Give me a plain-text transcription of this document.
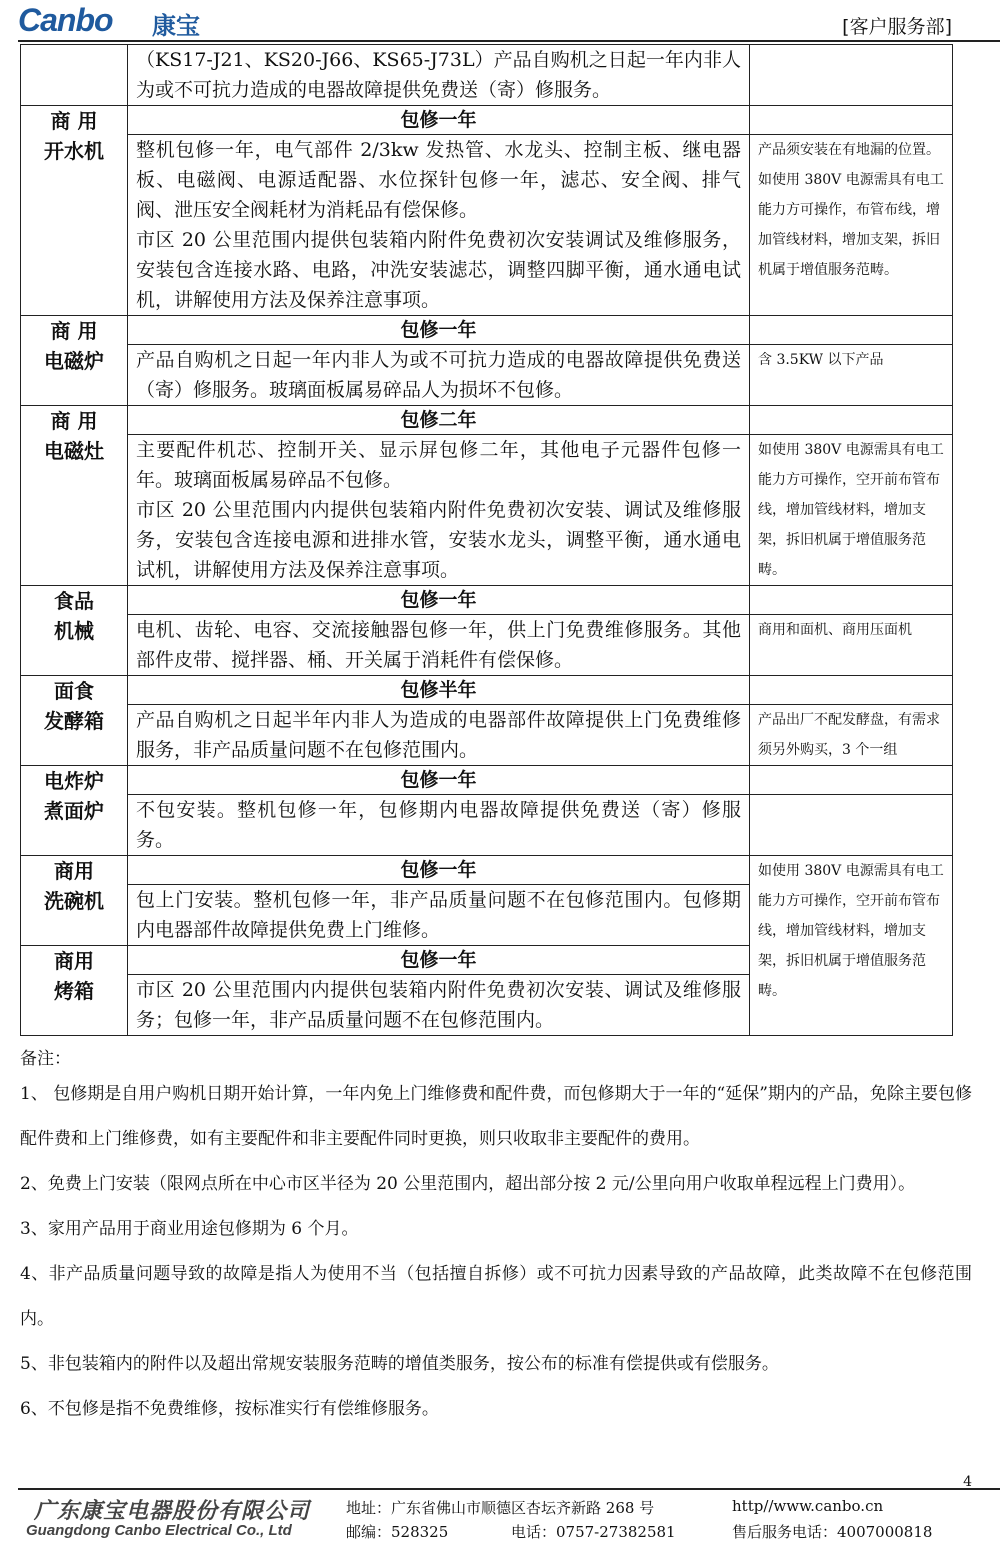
Canbo 康宝	[客户服务部]
	（KS17-J21、KS20-J66、KS65-J73L）产品自购机之日起一年内非人为或不可抗力造成的电器故障提供免费送（寄）修服务。	

商 用
开水机	包修一年	

	整机包修一年，电气部件 2/3kw 发热管、水龙头、控制主板、继电器板、电磁阀、电源适配器、水位探针包修一年，滤芯、安全阀、排气阀、泄压安全阀耗材为消耗品有偿保修。
市区 20 公里范围内提供包装箱内附件免费初次安装调试及维修服务，安装包含连接水路、电路，冲洗安装滤芯，调整四脚平衡，通水通电试机，讲解使用方法及保养注意事项。	产品须安装在有地漏的位置。如使用 380V 电源需具有电工能力方可操作，布管布线，增加管线材料，增加支架，拆旧机属于增值服务范畴。

商 用
电磁炉	包修一年	

	产品自购机之日起一年内非人为或不可抗力造成的电器故障提供免费送（寄）修服务。玻璃面板属易碎品人为损坏不包修。	含 3.5KW 以下产品

商 用
电磁灶	包修二年	

	主要配件机芯、控制开关、显示屏包修二年，其他电子元器件包修一年。玻璃面板属易碎品不包修。
市区 20 公里范围内内提供包装箱内附件免费初次安装、调试及维修服务，安装包含连接电源和进排水管，安装水龙头，调整平衡，通水通电试机，讲解使用方法及保养注意事项。	如使用 380V 电源需具有电工能力方可操作，空开前布管布线，增加管线材料，增加支架，拆旧机属于增值服务范畴。

食品
机械	包修一年	

	电机、齿轮、电容、交流接触器包修一年，供上门免费维修服务。其他部件皮带、搅拌器、桶、开关属于消耗件有偿保修。	商用和面机、商用压面机

面食
发酵箱	包修半年	

	产品自购机之日起半年内非人为造成的电器部件故障提供上门免费维修服务，非产品质量问题不在包修范围内。	产品出厂不配发酵盘，有需求须另外购买，3 个一组

电炸炉
煮面炉	包修一年	

	不包安装。整机包修一年，包修期内电器故障提供免费送（寄）修服务。	

商用
洗碗机	包修一年	如使用 380V 电源需具有电工能力方可操作，空开前布管布线，增加管线材料，增加支架，拆旧机属于增值服务范畴。

	包上门安装。整机包修一年，非产品质量问题不在包修范围内。包修期内电器部件故障提供免费上门维修。	

商用
烤箱	包修一年	

	市区 20 公里范围内内提供包装箱内附件免费初次安装、调试及维修服务；包修一年，非产品质量问题不在包修范围内。	
备注：

1、 包修期是自用户购机日期开始计算，一年内免上门维修费和配件费，而包修期大于一年的“延保”期内的产品，免除主要包修配件费和上门维修费，如有主要配件和非主要配件同时更换，则只收取非主要配件的费用。

2、免费上门安装（限网点所在中心市区半径为 20 公里范围内，超出部分按 2 元/公里向用户收取单程远程上门费用）。

3、家用产品用于商业用途包修期为 6 个月。

4、非产品质量问题导致的故障是指人为使用不当（包括擅自拆修）或不可抗力因素导致的产品故障，此类故障不在包修范围内。

5、非包装箱内的附件以及超出常规安装服务范畴的增值类服务，按公布的标准有偿提供或有偿服务。

6、不包修是指不免费维修，按标准实行有偿维修服务。

4
广东康宝电器股份有限公司
Guangdong Canbo Electrical Co., Ltd
地址：广东省佛山市顺德区杏坛齐新路 268 号	http//www.canbo.cn
邮编：528325	电话：0757-27382581	售后服务电话：4007000818
